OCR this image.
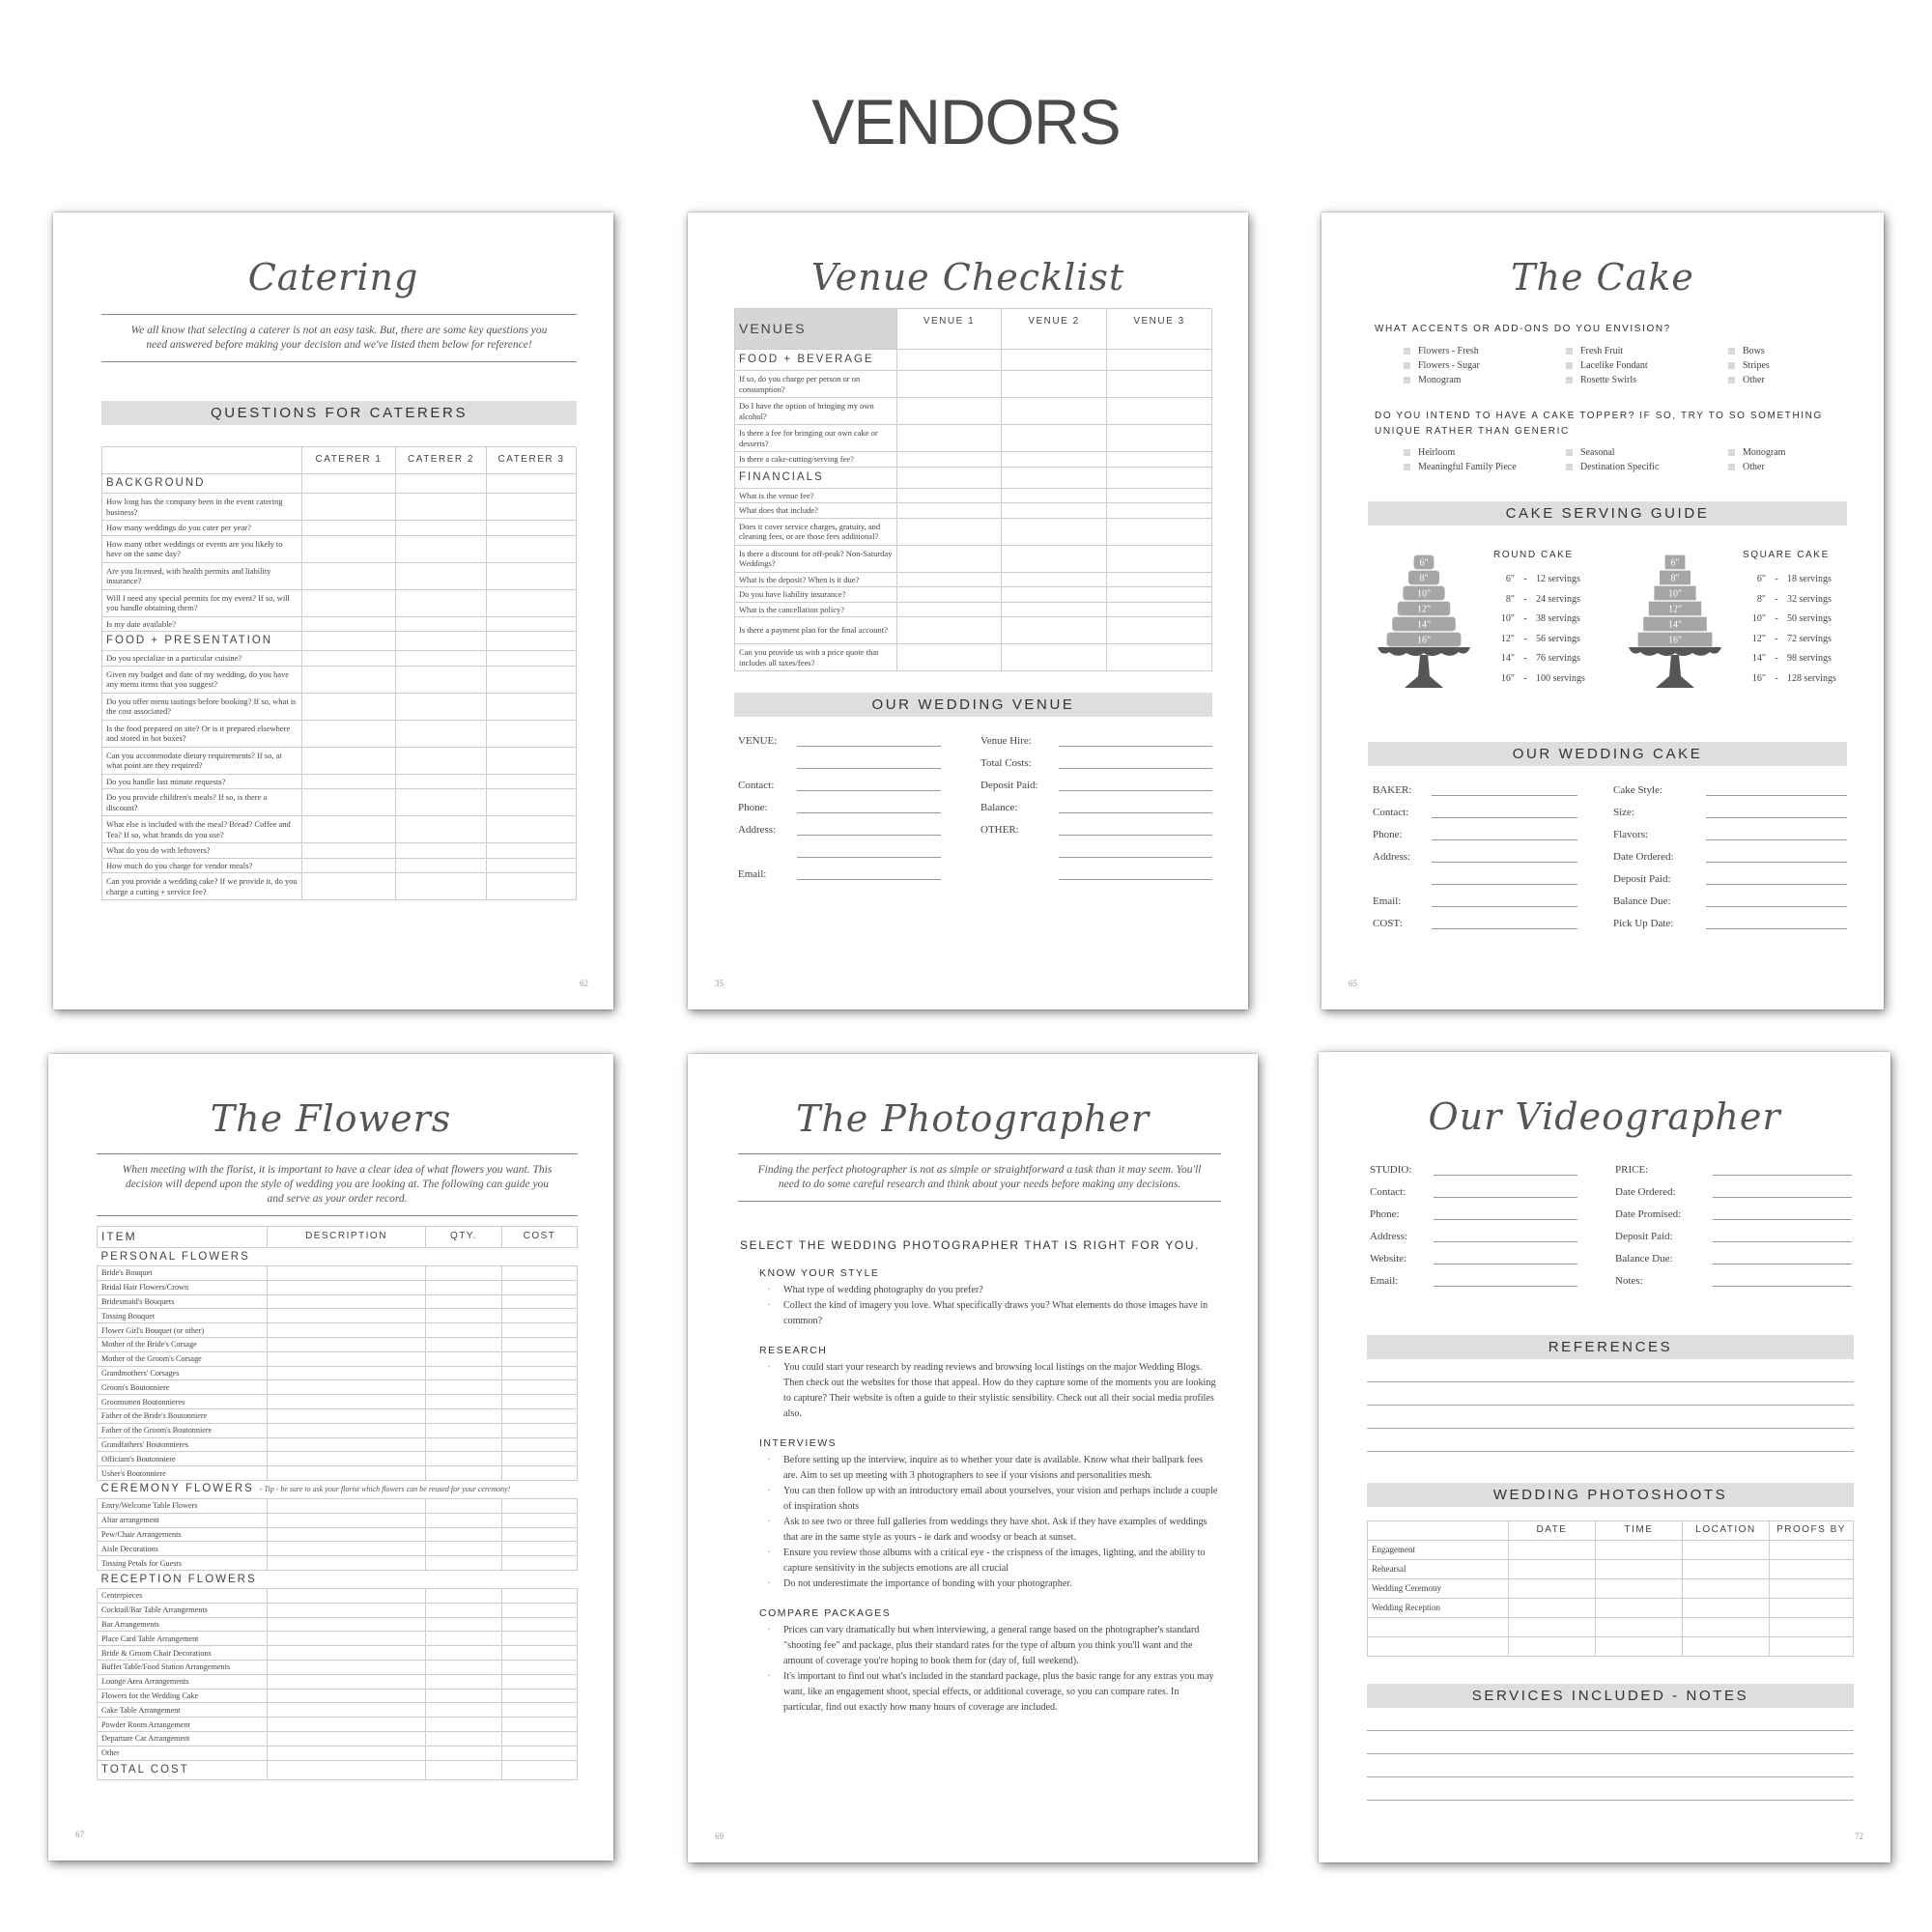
VENDORS
Catering
We all know that selecting a caterer is not an easy task. But, there are some key questions you need answered before making your decision and we've listed them below for reference!
QUESTIONS FOR CATERERS
	CATERER 1	CATERER 2	CATERER 3
BACKGROUND			
How long has the company been in the event catering business?			
How many weddings do you cater per year?			
How many other weddings or events are you likely to have on the same day?			
Are you licensed, with health permits and liability insurance?			
Will I need any special permits for my event? If so, will you handle obtaining them?			
Is my date available?			
FOOD + PRESENTATION			
Do you specialize in a particular cuisine?			
Given my budget and date of my wedding, do you have any menu items that you suggest?			
Do you offer menu tastings before booking? If so, what is the cost associated?			
Is the food prepared on site? Or is it prepared elsewhere and stored in hot boxes?			
Can you accommodate dietary requirements? If so, at what point are they required?			
Do you handle last minute requests?			
Do you provide children's meals? If so, is there a discount?			
What else is included with the meal? Bread? Coffee and Tea? If so, what brands do you use?			
What do you do with leftovers?			
How much do you charge for vendor meals?			
Can you provide a wedding cake? If we provide it, do you charge a cutting + service fee?			
62
Venue Checklist
VENUES	VENUE 1	VENUE 2	VENUE 3
FOOD + BEVERAGE			
If so, do you charge per person or on consumption?			
Do I have the option of bringing my own alcohol?			
Is there a fee for bringing our own cake or desserts?			
Is there a cake-cutting/serving fee?			
FINANCIALS			
What is the venue fee?			
What does that include?			
Does it cover service charges, gratuity, and cleaning fees, or are those fees additional?			
Is there a discount for off-peak? Non-Saturday Weddings?			
What is the deposit? When is it due?			
Do you have liability insurance?			
What is the cancellation policy?			
Is there a payment plan for the final account?			
Can you provide us with a price quote that includes all taxes/fees?			
OUR WEDDING VENUE
VENUE:
Contact:
Phone:
Address:
Email:
Venue Hire:
Total Costs:
Deposit Paid:
Balance:
OTHER:
35
The Cake
WHAT ACCENTS OR ADD-ONS DO YOU ENVISION?
Flowers - Fresh
Flowers - Sugar
Monogram
Fresh Fruit
Lacelike Fondant
Rosette Swirls
Bows
Stripes
Other
DO YOU INTEND TO HAVE A CAKE TOPPER? IF SO, TRY TO SO SOMETHING UNIQUE RATHER THAN GENERIC
Heirloom
Meaningful Family Piece
Seasonal
Destination Specific
Monogram
Other
CAKE SERVING GUIDE
6"
8"
10"
12"
14"
16"
ROUND CAKE
6" - 12 servings
8" - 24 servings
10" - 38 servings
12" - 56 servings
14" - 76 servings
16" - 100 servings
6"
8"
10"
12"
14"
16"
SQUARE CAKE
6" - 18 servings
8" - 32 servings
10" - 50 servings
12" - 72 servings
14" - 98 servings
16" - 128 servings
OUR WEDDING CAKE
BAKER:
Contact:
Phone:
Address:
Email:
COST:
Cake Style:
Size:
Flavors:
Date Ordered:
Deposit Paid:
Balance Due:
Pick Up Date:
65
The Flowers
When meeting with the florist, it is important to have a clear idea of what flowers you want. This decision will depend upon the style of wedding you are looking at. The following can guide you and serve as your order record.
ITEM	DESCRIPTION	QTY.	COST
PERSONAL FLOWERS			
Bride's Bouquet			
Bridal Hair Flowers/Crown			
Bridesmaid's Bouquets			
Tossing Bouquet			
Flower Girl's Bouquet (or other)			
Mother of the Bride's Corsage			
Mother of the Groom's Corsage			
Grandmothers' Corsages			
Groom's Boutonniere			
Groomsmen Boutonnieres			
Father of the Bride's Boutonniere			
Father of the Groom's Boutonniere			
Grandfathers' Boutonnieres			
Officiant's Boutonniere			
Usher's Boutonniere			
CEREMONY FLOWERS - Tip - be sure to ask your florist which flowers can be reused for your ceremony!			
Entry/Welcome Table Flowers			
Altar arrangement			
Pew/Chair Arrangements			
Aisle Decorations			
Tossing Petals for Guests			
RECEPTION FLOWERS			
Centerpieces			
Cocktail/Bar Table Arrangements			
Bar Arrangements			
Place Card Table Arrangement			
Bride & Groom Chair Decorations			
Buffet Table/Food Station Arrangements			
Lounge Area Arrangements			
Flowers for the Wedding Cake			
Cake Table Arrangement			
Powder Room Arrangement			
Departure Car Arrangement			
Other			
TOTAL COST			
67
The Photographer
Finding the perfect photographer is not as simple or straightforward a task than it may seem. You'll need to do some careful research and think about your needs before making any decisions.
SELECT THE WEDDING PHOTOGRAPHER THAT IS RIGHT FOR YOU.
KNOW YOUR STYLE
· What type of wedding photography do you prefer?
· Collect the kind of imagery you love. What specifically draws you? What elements do those images have in common?
RESEARCH
· You could start your research by reading reviews and browsing local listings on the major Wedding Blogs. Then check out the websites for those that appeal. How do they capture some of the moments you are looking to capture? Their website is often a guide to their stylistic sensibility. Check out all their social media profiles also.
INTERVIEWS
· Before setting up the interview, inquire as to whether your date is available. Know what their ballpark fees are. Aim to set up meeting with 3 photographers to see if your visions and personalities mesh.
· You can then follow up with an introductory email about yourselves, your vision and perhaps include a couple of inspiration shots
· Ask to see two or three full galleries from weddings they have shot. Ask if they have examples of weddings that are in the same style as yours - ie dark and woodsy or beach at sunset.
· Ensure you review those albums with a critical eye - the crispness of the images, lighting, and the ability to capture sensitivity in the subjects emotions are all crucial
· Do not underestimate the importance of bonding with your photographer.
COMPARE PACKAGES
· Prices can vary dramatically but when interviewing, a general range based on the photographer's standard "shooting fee" and package, plus their standard rates for the type of album you think you'll want and the amount of coverage you're hoping to book them for (day of, full weekend).
· It's important to find out what's included in the standard package, plus the basic range for any extras you may want, like an engagement shoot, special effects, or additional coverage, so you can compare rates. In particular, find out exactly how many hours of coverage are included.
69
Our Videographer
STUDIO:
Contact:
Phone:
Address:
Website:
Email:
PRICE:
Date Ordered:
Date Promised:
Deposit Paid:
Balance Due:
Notes:
REFERENCES
WEDDING PHOTOSHOOTS
	DATE	TIME	LOCATION	PROOFS BY
Engagement				
Rehearsal				
Wedding Ceremony				
Wedding Reception				

SERVICES INCLUDED - NOTES
72
